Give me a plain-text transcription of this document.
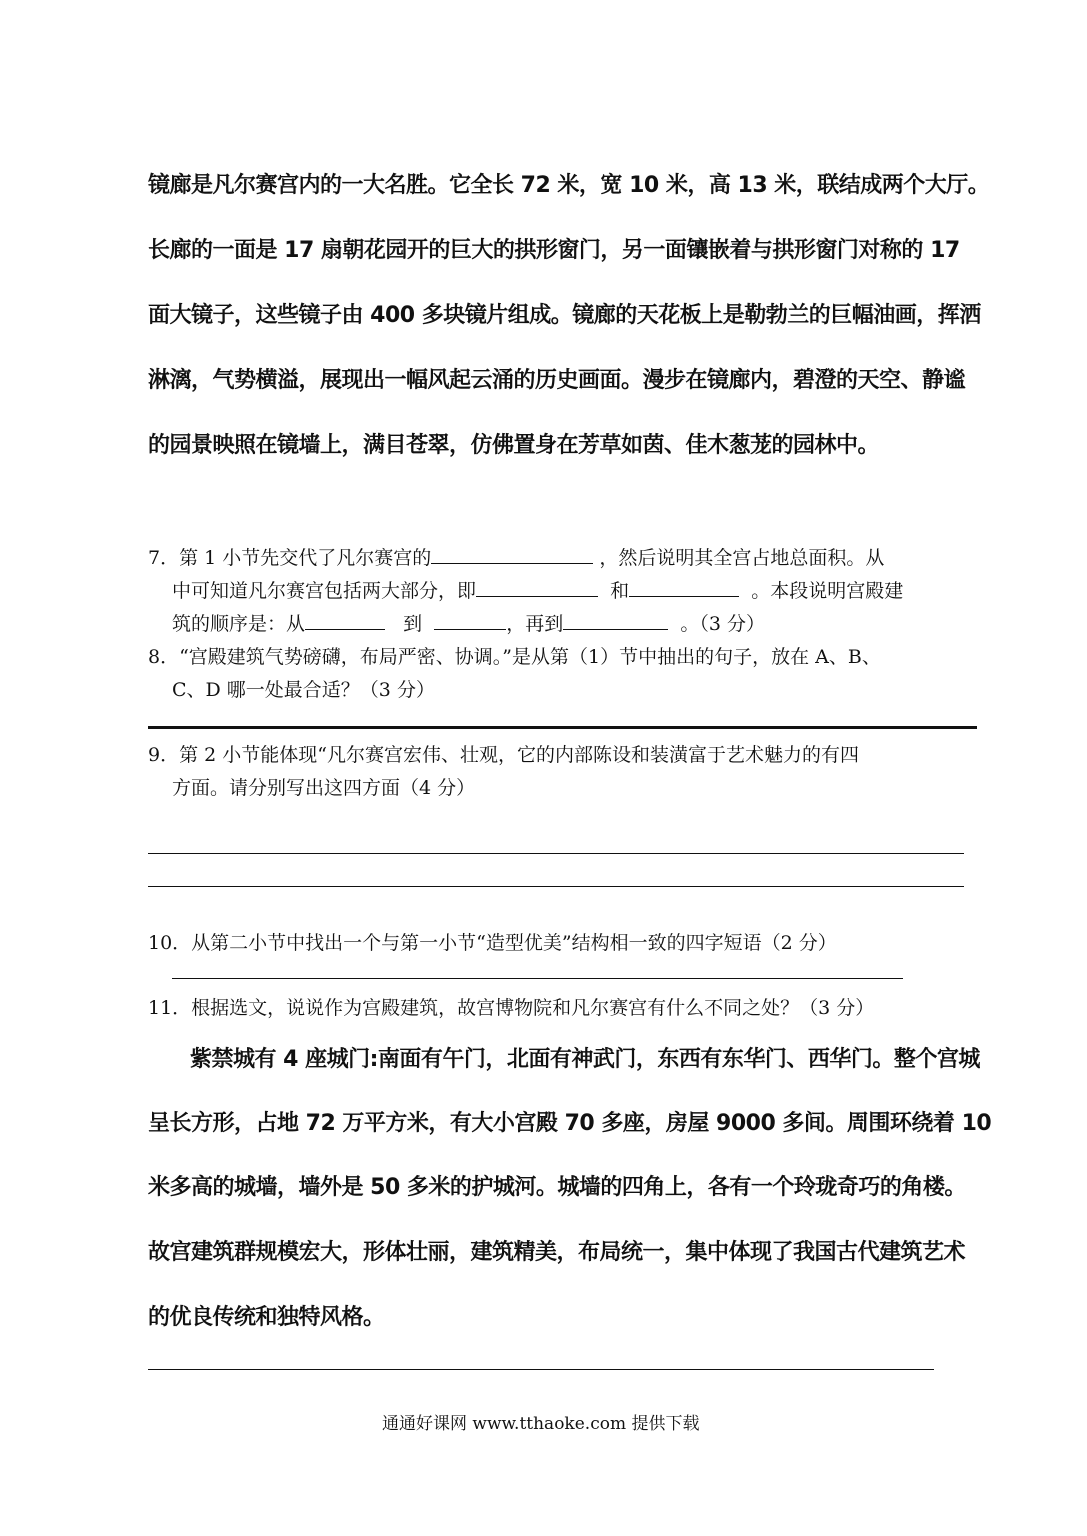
镜廊是凡尔赛宫内的一大名胜。它全长 72 米，宽 10 米，高 13 米，联结成两个大厅。
长廊的一面是 17 扇朝花园开的巨大的拱形窗门，另一面镶嵌着与拱形窗门对称的 17
面大镜子，这些镜子由 400 多块镜片组成。镜廊的天花板上是勒勃兰的巨幅油画，挥洒
淋漓，气势横溢，展现出一幅风起云涌的历史画面。漫步在镜廊内，碧澄的天空、静谧
的园景映照在镜墙上，满目苍翠，仿佛置身在芳草如茵、佳木葱茏的园林中。
7．第 1 小节先交代了凡尔赛宫的	，然后说明其全宫占地总面积。从
中可知道凡尔赛宫包括两大部分，即	和	。本段说明宫殿建
筑的顺序是：从	到	，再到	。（3 分）
8．“宫殿建筑气势磅礴，布局严密、协调。”是从第（1）节中抽出的句子，放在 A、B、
C、D 哪一处最合适？（3 分）
9．第 2 小节能体现“凡尔赛宫宏伟、壮观，它的内部陈设和装潢富于艺术魅力的有四
方面。请分别写出这四方面（4 分）
10．从第二小节中找出一个与第一小节“造型优美”结构相一致的四字短语（2 分）
11．根据选文，说说作为宫殿建筑，故宫博物院和凡尔赛宫有什么不同之处？（3 分）
紫禁城有 4 座城门:南面有午门，北面有神武门，东西有东华门、西华门。整个宫城
呈长方形，占地 72 万平方米，有大小宫殿 70 多座，房屋 9000 多间。周围环绕着 10
米多高的城墙，墙外是 50 多米的护城河。城墙的四角上，各有一个玲珑奇巧的角楼。
故宫建筑群规模宏大，形体壮丽，建筑精美，布局统一，集中体现了我国古代建筑艺术
的优良传统和独特风格。
通通好课网 www.tthaoke.com 提供下载
